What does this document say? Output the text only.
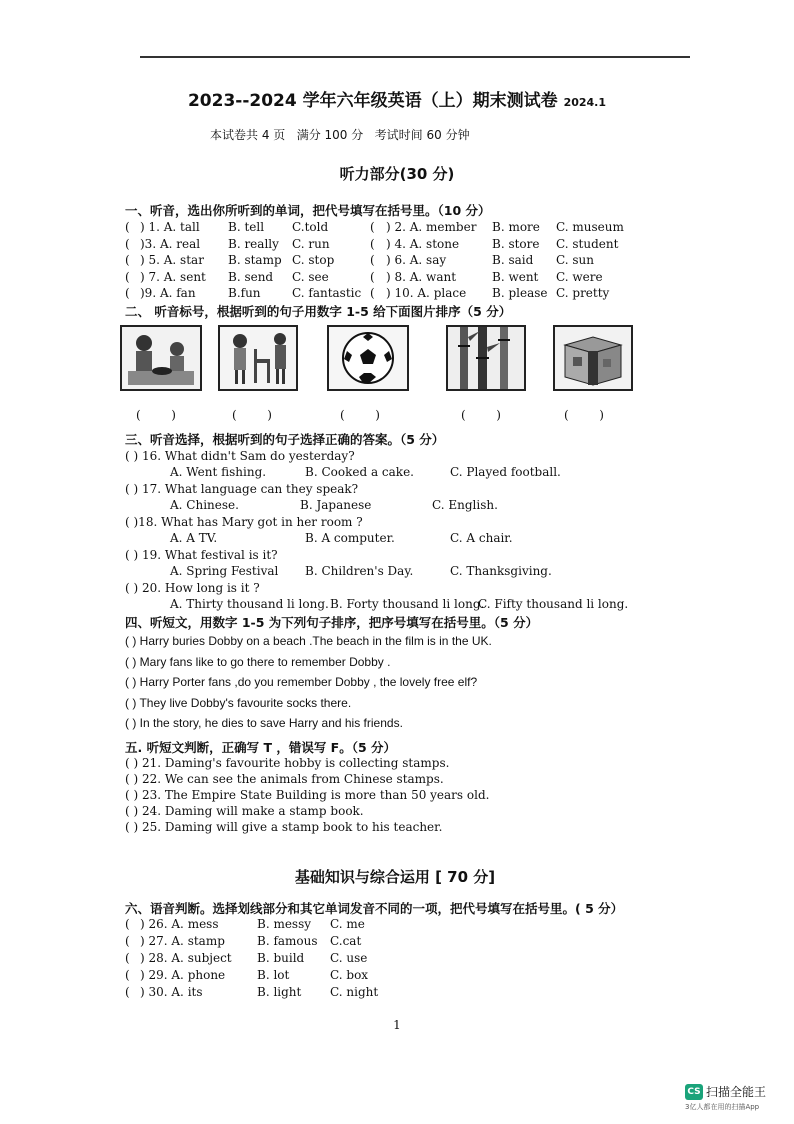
2023--2024 学年六年级英语（上）期末测试卷 2024.1
本试卷共 4 页   满分 100 分   考试时间 60 分钟
听力部分(30 分)
一、听音，选出你所听到的单词，把代号填写在括号里。（10 分）
( ) 1. A. tall B. tell C.told	( ) 2. A. member B. more C. museum
( )3. A. real B. really C. run	( ) 4. A. stone	B. store C. student
( ) 5. A. star B. stamp C. stop	( ) 6. A. say	B. said C. sun
( ) 7. A. sent B. send C. see	( ) 8. A. want	B. went C. were
( )9. A. fan	B.fun	C. fantastic ( ) 10. A. place B. please C. pretty
二、 听音标号，根据听到的句子用数字 1-5 给下面图片排序（5 分）
(        )	(        )	(        )	(        )	(        )
三、听音选择，根据听到的句子选择正确的答案。（5 分）
( ) 16. What didn't Sam do yesterday?
A. Went fishing.	B. Cooked a cake.	C. Played football.
( ) 17. What language can they speak?
A. Chinese.	B. Japanese	C. English.
( )18. What has Mary got in her room ?
A. A TV.	B. A computer.	C. A chair.
( ) 19. What festival is it?
A. Spring Festival B. Children's Day.	C. Thanksgiving.
( ) 20. How long is it ?
A. Thirty thousand li long. B. Forty thousand li long.
C. Fifty thousand li long.
四、听短文，用数字 1-5 为下列句子排序，把序号填写在括号里。（5 分）
( ) Harry buries Dobby on a beach .The beach in the film is in the UK.
( ) Mary fans like to go there to remember Dobby .
( ) Harry Porter fans ,do you remember Dobby , the lovely free elf?
( ) They live Dobby's favourite socks there.
( ) In the story, he dies to save Harry and his friends.
五. 听短文判断，正确写 T ，错误写 F。（5 分）
( ) 21. Daming's favourite hobby is collecting stamps.
( ) 22. We can see the animals from Chinese stamps.
( ) 23. The Empire State Building is more than 50 years old.
( ) 24. Daming will make a stamp book.
( ) 25. Daming will give a stamp book to his teacher.
基础知识与综合运用 [ 70 分]
六、语音判断。选择划线部分和其它单词发音不同的一项，把代号填写在括号里。( 5 分）
( ) 26. A. mess	B. messy C. me
( ) 27. A. stamp	B. famous C.cat
( ) 28. A. subject B. build C. use
( ) 29. A. phone	B. lot	C. box
( ) 30. A. its	B. light C. night
1
CS 扫描全能王
3亿人都在用的扫描App
